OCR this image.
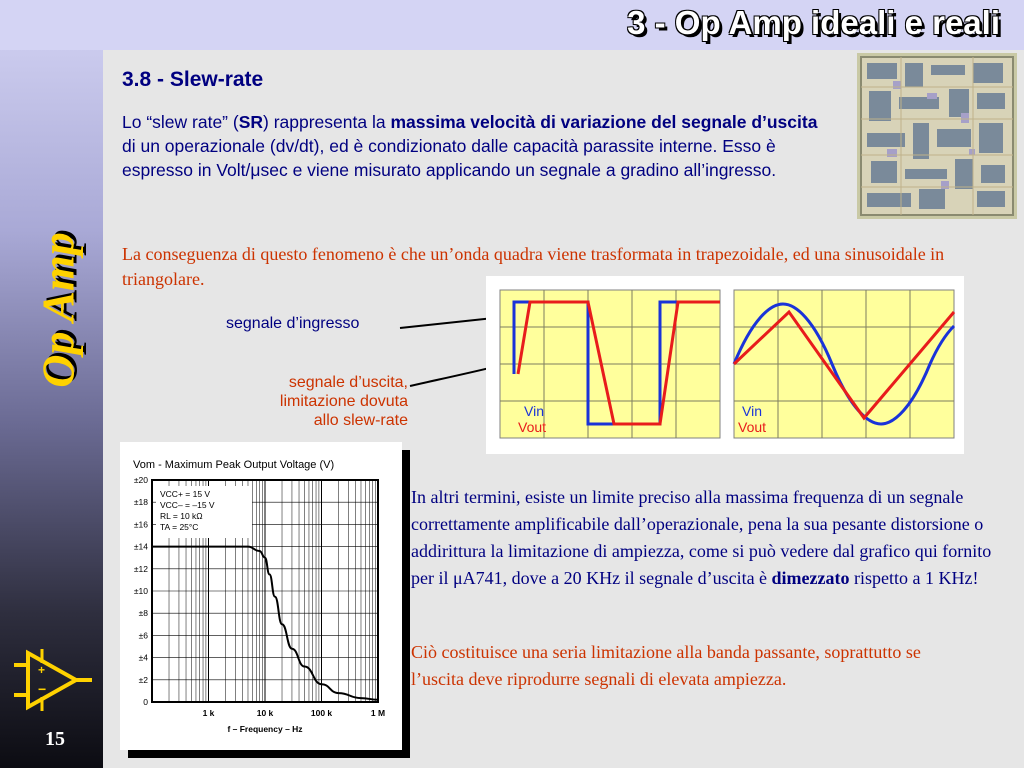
Op Amp
+
−
15
3 - Op Amp ideali e reali
3.8 - Slew-rate

Lo “slew rate” (SR) rappresenta la massima velocità di variazione del segnale d’uscita di un operazionale (dv/dt), ed è condizionato dalle capacità parassite interne. Esso è espresso in Volt/μsec e viene misurato applicando un segnale a gradino all’ingresso.

La conseguenza di questo fenomeno è che un’onda quadra viene trasformata in trapezoidale, ed una sinusoidale in triangolare.

segnale d’ingresso

segnale d’uscita,
limitazione dovuta
allo slew-rate

Vin
Vout
Vin
Vout
Vom - Maximum Peak Output Voltage (V)
VCC+ = 15 V
VCC– = –15 V
RL = 10 kΩ
TA = 25°C
0
±2
±4
±6
±8
±10
±12
±14
±16
±18
±20
1 k	10 k	100 k	1 M
f – Frequency – Hz

In altri termini, esiste un limite preciso alla massima frequenza di un segnale correttamente amplificabile dall’operazionale, pena la sua pesante distorsione o addirittura la limitazione di ampiezza, come si può vedere dal grafico qui fornito per il μA741, dove a 20 KHz il segnale d’uscita è dimezzato rispetto a 1 KHz!

Ciò costituisce una seria limitazione alla banda passante, soprattutto se l’uscita deve riprodurre segnali di elevata ampiezza.
